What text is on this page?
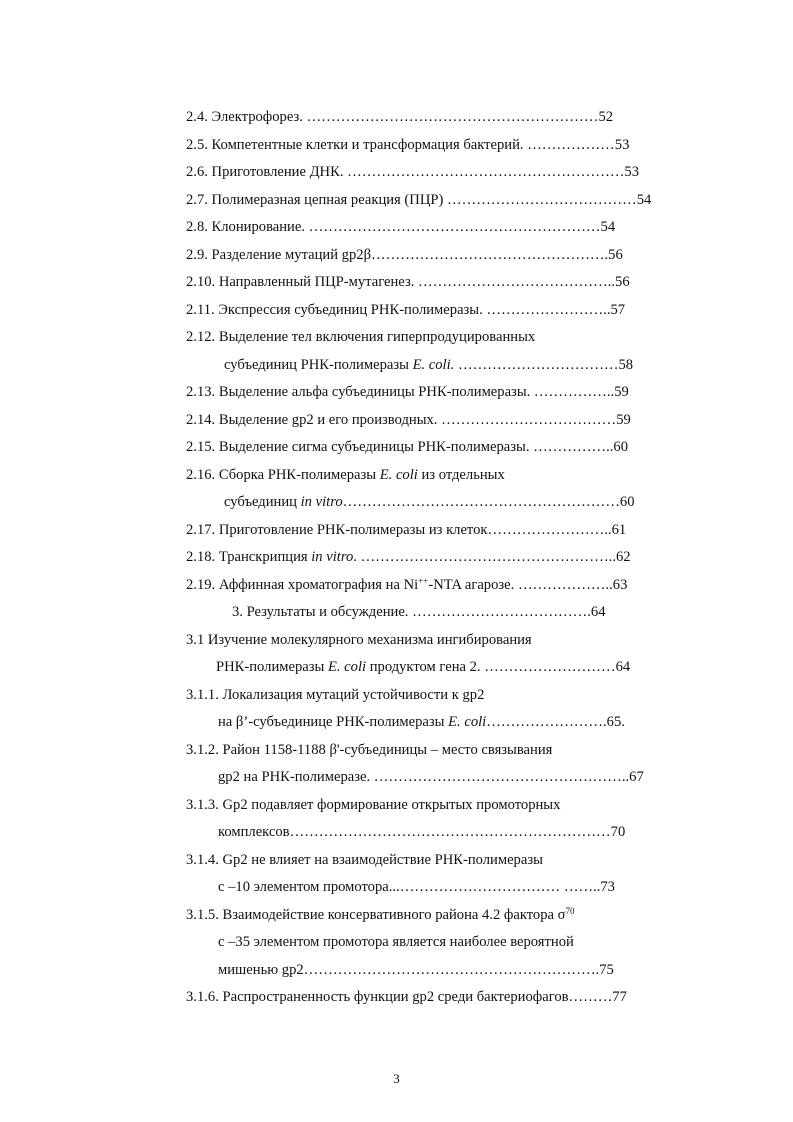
2.4. Электрофорез. ……………………………………………………52
2.5. Компетентные клетки и трансформация бактерий. ………………53
2.6. Приготовление ДНК. …………………………………………………53
2.7. Полимеразная цепная реакция (ПЦР) …………………………………54
2.8. Клонирование. ……………………………………………………54
2.9. Разделение мутаций gp2β………………………………………….56
2.10. Направленный ПЦР-мутагенез. …………………………………..56
2.11. Экспрессия субъединиц РНК-полимеразы. ……………………..57
2.12. Выделение тел включения гиперпродуцированных
субъединиц РНК-полимеразы E. coli. ……………………………58
2.13. Выделение альфа субъединицы РНК-полимеразы. ……………..59
2.14. Выделение gp2 и его производных. ………………………………59
2.15. Выделение сигма субъединицы РНК-полимеразы. ……………..60
2.16. Сборка РНК-полимеразы E. coli из отдельных
субъединиц in vitro…………………………………………………60
2.17. Приготовление РНК-полимеразы из клеток……………………..61
2.18. Транскрипция in vitro. ……………………………………………..62
2.19. Аффинная хроматография на Ni++-NTA агарозе. ………………..63
3. Результаты и обсуждение. ……………………………….64
3.1 Изучение молекулярного механизма ингибирования
РНК-полимеразы E. coli продуктом гена 2. ………………………64
3.1.1. Локализация мутаций устойчивости к gp2
на β’-субъединице РНК-полимеразы E. coli…………………….65.
3.1.2. Район 1158-1188 β'-субъединицы – место связывания
gp2 на РНК-полимеразе. ……………………………………………..67
3.1.3. Gp2 подавляет формирование открытых промоторных
комплексов…………………………………………………………70
3.1.4. Gp2 не влияет на взаимодействие РНК-полимеразы
с –10 элементом промотора...…………………………… ……..73
3.1.5. Взаимодействие консервативного района 4.2 фактора $\sigma^{70}$
с –35 элементом промотора является наиболее вероятной
мишенью gp2…………………………………………………….75
3.1.6. Распространенность функции gp2 среди бактериофагов………77
3
